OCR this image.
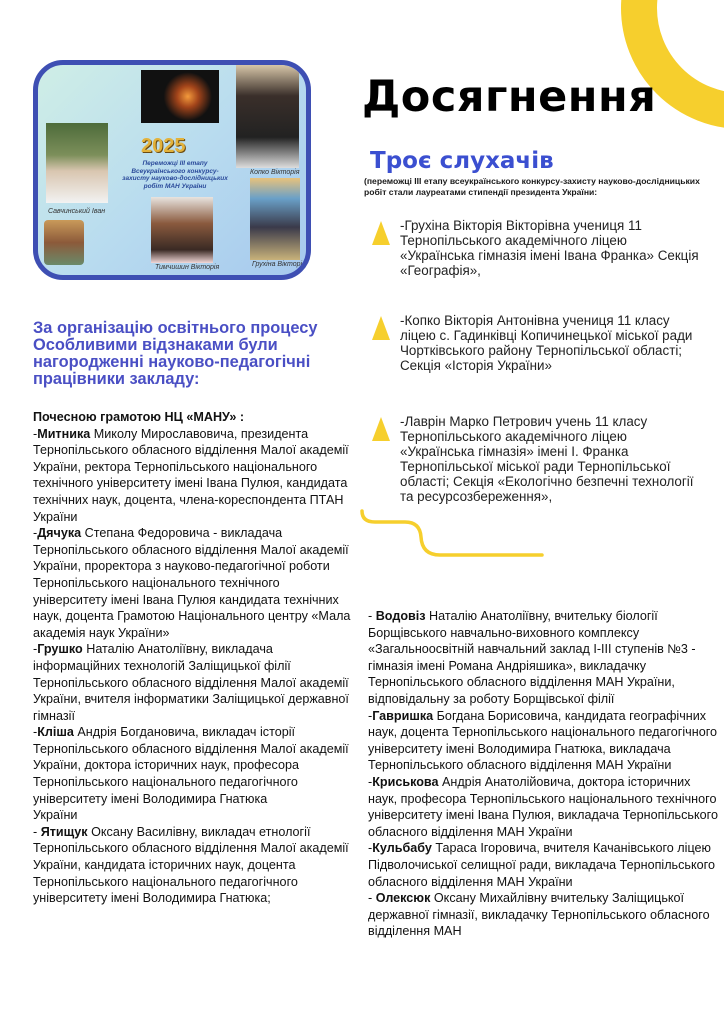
Савчинський Іван
2025
Переможці ІІІ етапу Всеукраїнського конкурсу-захисту науково-дослідницьких робіт МАН України
Копко Вікторія
Тимчишин Вікторія	Грухіна Вікторія
Досягнення
Троє слухачів
(переможці ІІІ етапу всеукраїнського конкурсу-захисту науково-дослідницьких робіт стали лауреатами стипендії президента України:
-Грухіна Вікторія Вікторівна учениця 11 Тернопільського академічного ліцею «Українська гімназія імені Івана Франка» Секція «Географія»,
-Копко Вікторія Антонівна учениця 11 класу ліцею с. Гадинківці Копичинецької міської ради Чортківського району Тернопільської області; Секція «Історія України»
-Лаврін Марко Петрович учень 11 класу Тернопільського академічного ліцею «Українська гімназія» імені І. Франка Тернопільської міської ради Тернопільської області; Секція «Екологічно безпечні технології та ресурсозбереження»,
За організацію освітнього процесу Особливими відзнаками були нагородженні науково-педагогічні працівники закладу:

Почесною грамотою НЦ «МАНУ» :

-Митника Миколу Мирославовича, президента Тернопільського обласного відділення Малої академії України, ректора Тернопільського національного технічного університету імені Івана Пулюя, кандидата технічних наук, доцента, члена-кореспондента ПТАН України

-Дячука Степана Федоровича - викладача Тернопільського обласного відділення Малої академії України, проректора з науково-педагогічної роботи Тернопільського національного технічного університету імені Івана Пулюя кандидата технічних наук, доцента Грамотою Національного центру «Мала академія наук України»

-Грушко Наталію Анатоліївну, викладача інформаційних технологій Заліщицької філії Тернопільського обласного відділення Малої академії України, вчителя інформатики Заліщицької державної гімназії

-Кліша Андрія Богдановича, викладач історії Тернопільського обласного відділення Малої академії України, доктора історичних наук, професора Тернопільського національного педагогічного університету імені Володимира Гнатюка

України

- Ятищук Оксану Василівну, викладач етнології Тернопільського обласного відділення Малої академії України, кандидата історичних наук, доцента Тернопільського національного педагогічного університету імені Володимира Гнатюка;

- Водовіз Наталію Анатоліївну, вчительку біології Борщівського навчально-виховного комплексу «Загальноосвітній навчальний заклад І-ІІІ ступенів №3 - гімназія імені Романа Андріяшика», викладачку Тернопільського обласного відділення МАН України, відповідальну за роботу Борщівської філії

-Гавришка Богдана Борисовича, кандидата географічних наук, доцента Тернопільського національного педагогічного університету імені Володимира Гнатюка, викладача Тернопільського обласного відділення МАН України

-Криськова Андрія Анатолійовича, доктора історичних наук, професора Тернопільського національного технічного університету імені Івана Пулюя, викладача Тернопільського обласного відділення МАН України

-Кульбабу Тараса Ігоровича, вчителя Качанівського ліцею Підволочиської селищної ради, викладача Тернопільського обласного відділення МАН України

- Олексюк Оксану Михайлівну вчительку Заліщицької державної гімназії, викладачку Тернопільського обласного відділення МАН
